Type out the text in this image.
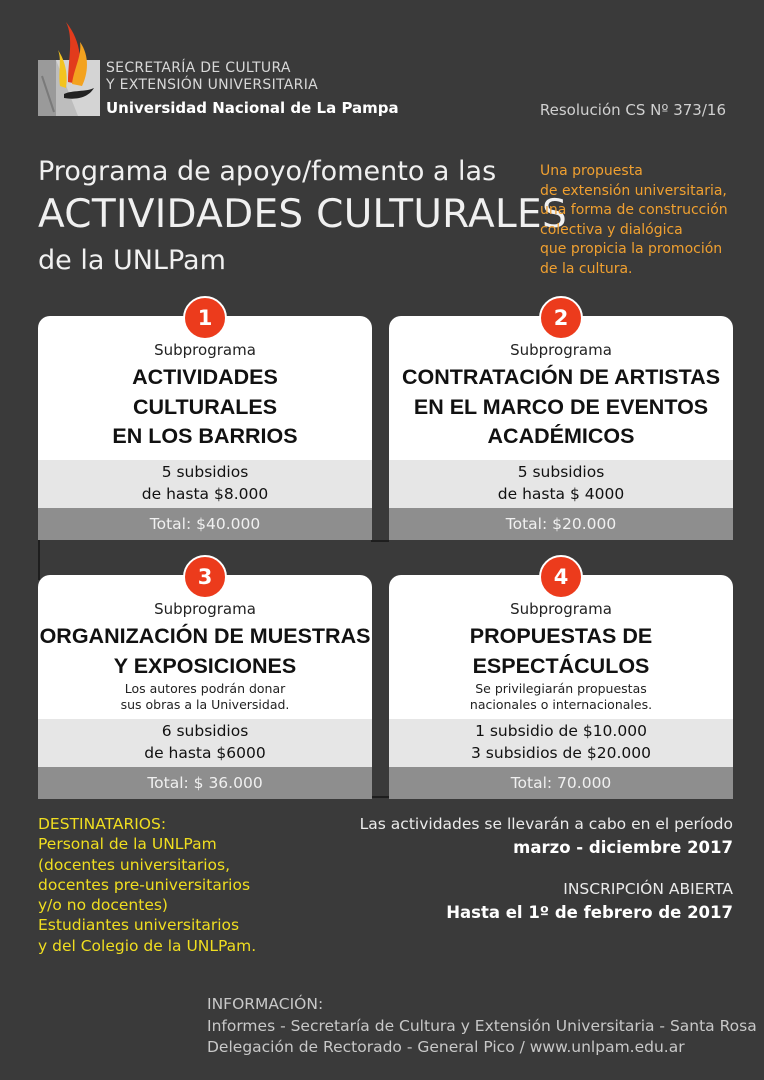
SECRETARÍA DE CULTURA
Y EXTENSIÓN UNIVERSITARIA
Universidad Nacional de La Pampa	Resolución CS Nº 373/16
Programa de apoyo/fomento a las
ACTIVIDADES CULTURALES
de la UNLPam
Una propuesta
de extensión universitaria,
una forma de construcción
colectiva y dialógica
que propicia la promoción
de la cultura.
Subprograma
ACTIVIDADES
CULTURALES
EN LOS BARRIOS
5 subsidios
de hasta $8.000
Total: $40.000
1
Subprograma
CONTRATACIÓN DE ARTISTAS
EN EL MARCO DE EVENTOS
ACADÉMICOS
5 subsidios
de hasta $ 4000
Total: $20.000
2
Subprograma
ORGANIZACIÓN DE MUESTRAS
Y EXPOSICIONES
Los autores podrán donar
sus obras a la Universidad.
6 subsidios
de hasta $6000
Total: $ 36.000
3
Subprograma
PROPUESTAS DE
ESPECTÁCULOS
Se privilegiarán propuestas
nacionales o internacionales.
1 subsidio de $10.000
3 subsidios de $20.000
Total: 70.000
4
DESTINATARIOS:
Personal de la UNLPam
(docentes universitarios,
docentes pre-universitarios
y/o no docentes)
Estudiantes universitarios
y del Colegio de la UNLPam.
Las actividades se llevarán a cabo en el período
marzo - diciembre 2017
INSCRIPCIÓN ABIERTA
Hasta el 1º de febrero de 2017
INFORMACIÓN:
Informes - Secretaría de Cultura y Extensión Universitaria - Santa Rosa
Delegación de Rectorado - General Pico / www.unlpam.edu.ar
